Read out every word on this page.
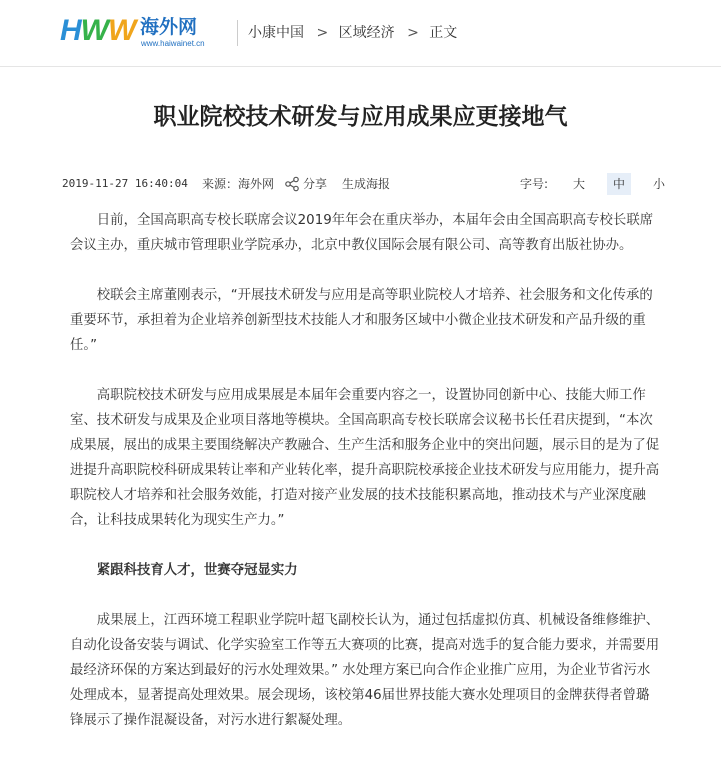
HWW 海外网
www.haiwainet.cn
小康中国 > 区域经济 > 正文
职业院校技术研发与应用成果应更接地气
2019-11-27 16:40:04 来源：海外网 分享 生成海报	字号:	大	中	小

日前，全国高职高专校长联席会议2019年年会在重庆举办，本届年会由全国高职高专校长联席会议主办，重庆城市管理职业学院承办，北京中教仪国际会展有限公司、高等教育出版社协办。

校联会主席董刚表示，“开展技术研发与应用是高等职业院校人才培养、社会服务和文化传承的重要环节，承担着为企业培养创新型技术技能人才和服务区域中小微企业技术研发和产品升级的重任。”

高职院校技术研发与应用成果展是本届年会重要内容之一，设置协同创新中心、技能大师工作室、技术研发与成果及企业项目落地等模块。全国高职高专校长联席会议秘书长任君庆提到，“本次成果展，展出的成果主要围绕解决产教融合、生产生活和服务企业中的突出问题，展示目的是为了促进提升高职院校科研成果转让率和产业转化率，提升高职院校承接企业技术研发与应用能力，提升高职院校人才培养和社会服务效能，打造对接产业发展的技术技能积累高地，推动技术与产业深度融合，让科技成果转化为现实生产力。”

紧跟科技育人才，世赛夺冠显实力

成果展上，江西环境工程职业学院叶超飞副校长认为，通过包括虚拟仿真、机械设备维修维护、自动化设备安装与调试、化学实验室工作等五大赛项的比赛，提高对选手的复合能力要求，并需要用最经济环保的方案达到最好的污水处理效果。” 水处理方案已向合作企业推广应用，为企业节省污水处理成本，显著提高处理效果。展会现场，该校第46届世界技能大赛水处理项目的金牌获得者曾璐锋展示了操作混凝设备，对污水进行絮凝处理。
